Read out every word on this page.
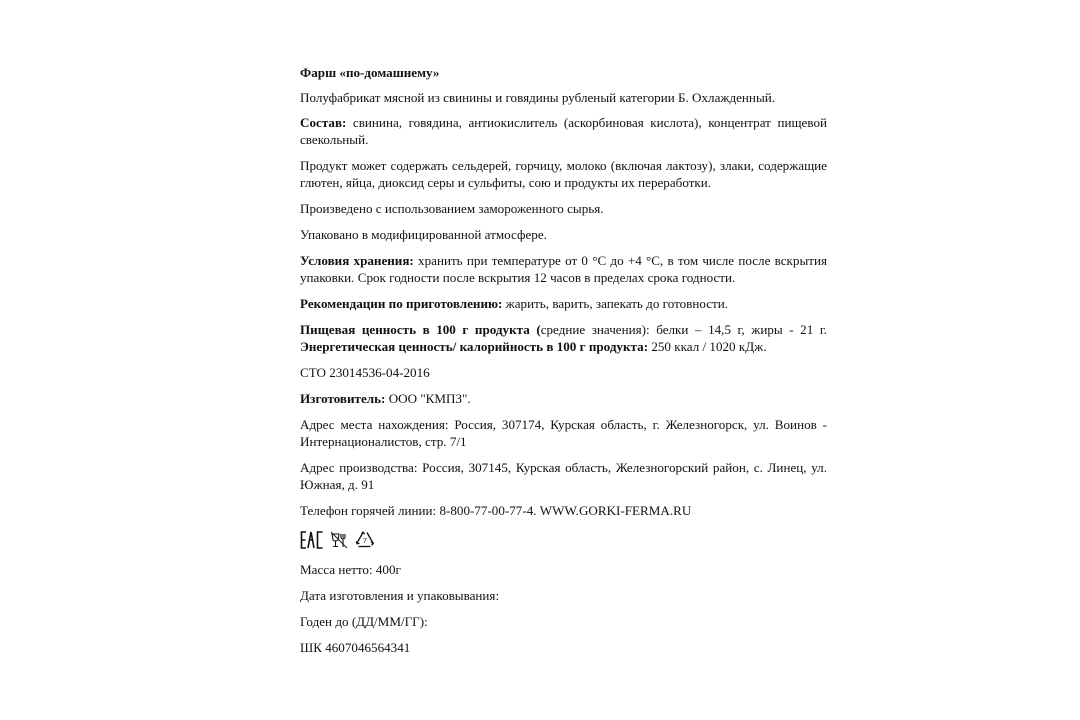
Фарш «по-домашнему»

Полуфабрикат мясной из свинины и говядины рубленый категории Б. Охлажденный.

Состав: свинина, говядина, антиокислитель (аскорбиновая кислота), концентрат пищевой свекольный.

Продукт может содержать сельдерей, горчицу, молоко (включая лактозу), злаки, содержащие глютен, яйца, диоксид серы и сульфиты, сою и продукты их переработки.

Произведено с использованием замороженного сырья.

Упаковано в модифицированной атмосфере.

Условия хранения: хранить при температуре от 0 °С до +4 °С, в том числе после вскрытия упаковки. Срок годности после вскрытия 12 часов в пределах срока годности.

Рекомендации по приготовлению: жарить, варить, запекать до готовности.

Пищевая ценность в 100 г продукта (средние значения): белки – 14,5 г, жиры - 21 г.

Энергетическая ценность/ калорийность в 100 г продукта: 250 ккал / 1020 кДж.

СТО 23014536-04-2016

Изготовитель: ООО "КМПЗ".

Адрес места нахождения: Россия, 307174, Курская область, г. Железногорск, ул. Воинов - Интернационалистов, стр. 7/1

Адрес производства: Россия, 307145, Курская область, Железногорский район, с. Линец, ул. Южная, д. 91

Телефон горячей линии: 8-800-77-00-77-4. WWW.GORKI-FERMA.RU

7

Масса нетто: 400г

Дата изготовления и упаковывания:

Годен до (ДД/ММ/ГГ):

ШК 4607046564341
